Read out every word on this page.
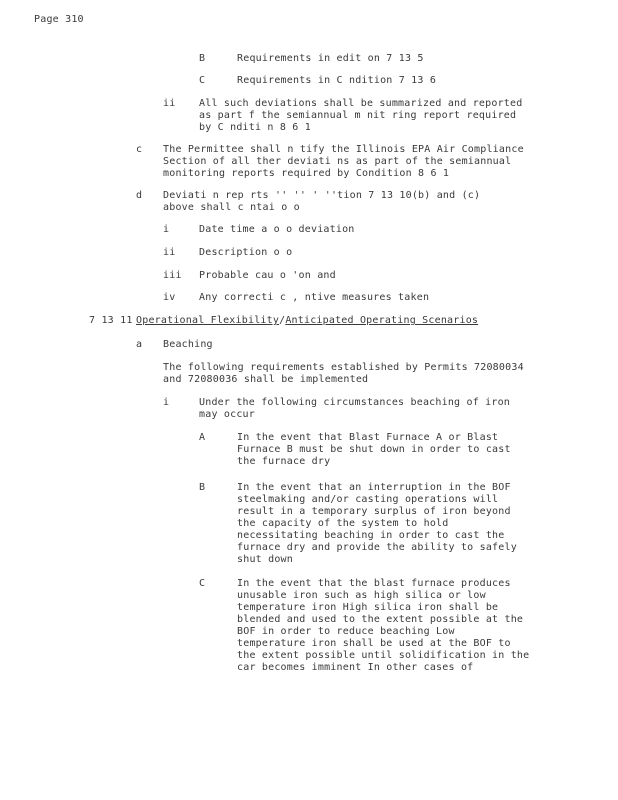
Page 310
B	Requirements in edit on 7 13 5
C	Requirements in C ndition 7 13 6
ii All such deviations shall be summarized and reported
as part f the semiannual m nit ring report required
by C nditi n 8 6 1
c The Permittee shall n tify the Illinois EPA Air Compliance
Section of all ther deviati ns as part of the semiannual
monitoring reports required by Condition 8 6 1
d Deviati n rep rts '' '' ' ''tion 7 13 10(b) and (c)
above shall c ntai o o
i	Date time a o o deviation
ii Description o o
iii Probable cau o 'on and
iv Any correcti c , ntive measures taken
7 13 11 Operational Flexibility/Anticipated Operating Scenarios
a Beaching
The following requirements established by Permits 72080034
and 72080036 shall be implemented
i	Under the following circumstances beaching of iron
may occur
A	In the event that Blast Furnace A or Blast
Furnace B must be shut down in order to cast
the furnace dry
B	In the event that an interruption in the BOF
steelmaking and/or casting operations will
result in a temporary surplus of iron beyond
the capacity of the system to hold
necessitating beaching in order to cast the
furnace dry and provide the ability to safely
shut down
C	In the event that the blast furnace produces
unusable iron such as high silica or low
temperature iron High silica iron shall be
blended and used to the extent possible at the
BOF in order to reduce beaching Low
temperature iron shall be used at the BOF to
the extent possible until solidification in the
car becomes imminent In other cases of
